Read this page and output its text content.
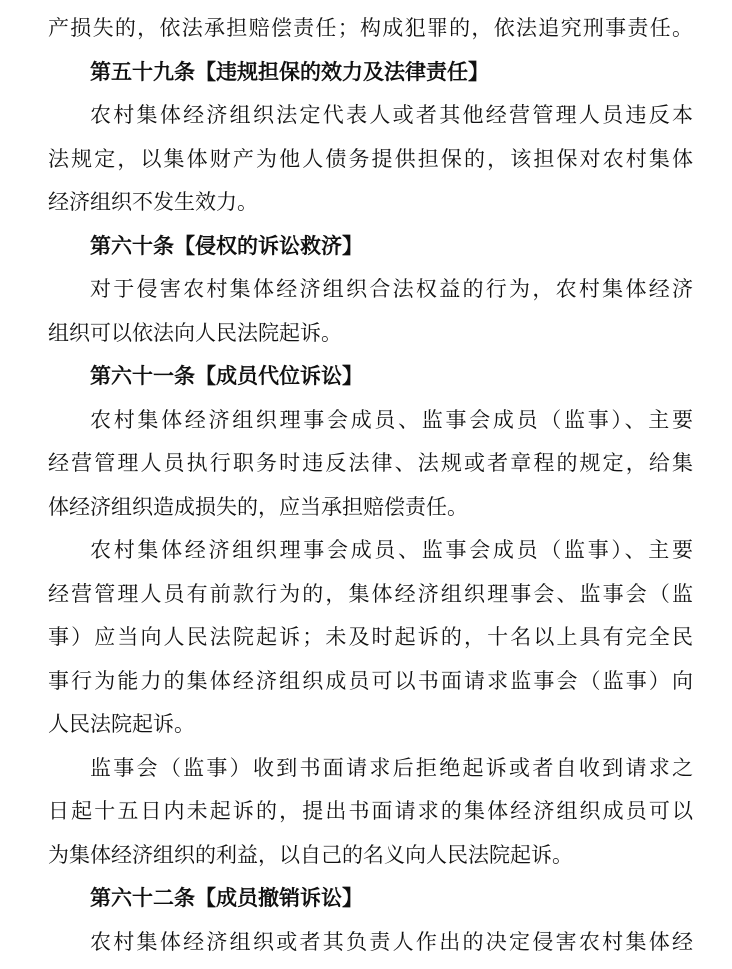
产损失的，依法承担赔偿责任；构成犯罪的，依法追究刑事责任。
第五十九条【违规担保的效力及法律责任】
农村集体经济组织法定代表人或者其他经营管理人员违反本
法规定，以集体财产为他人债务提供担保的，该担保对农村集体
经济组织不发生效力。
第六十条【侵权的诉讼救济】
对于侵害农村集体经济组织合法权益的行为，农村集体经济
组织可以依法向人民法院起诉。
第六十一条【成员代位诉讼】
农村集体经济组织理事会成员、监事会成员（监事）、主要
经营管理人员执行职务时违反法律、法规或者章程的规定，给集
体经济组织造成损失的，应当承担赔偿责任。
农村集体经济组织理事会成员、监事会成员（监事）、主要
经营管理人员有前款行为的，集体经济组织理事会、监事会（监
事）应当向人民法院起诉；未及时起诉的，十名以上具有完全民
事行为能力的集体经济组织成员可以书面请求监事会（监事）向
人民法院起诉。
监事会（监事）收到书面请求后拒绝起诉或者自收到请求之
日起十五日内未起诉的，提出书面请求的集体经济组织成员可以
为集体经济组织的利益，以自己的名义向人民法院起诉。
第六十二条【成员撤销诉讼】
农村集体经济组织或者其负责人作出的决定侵害农村集体经
